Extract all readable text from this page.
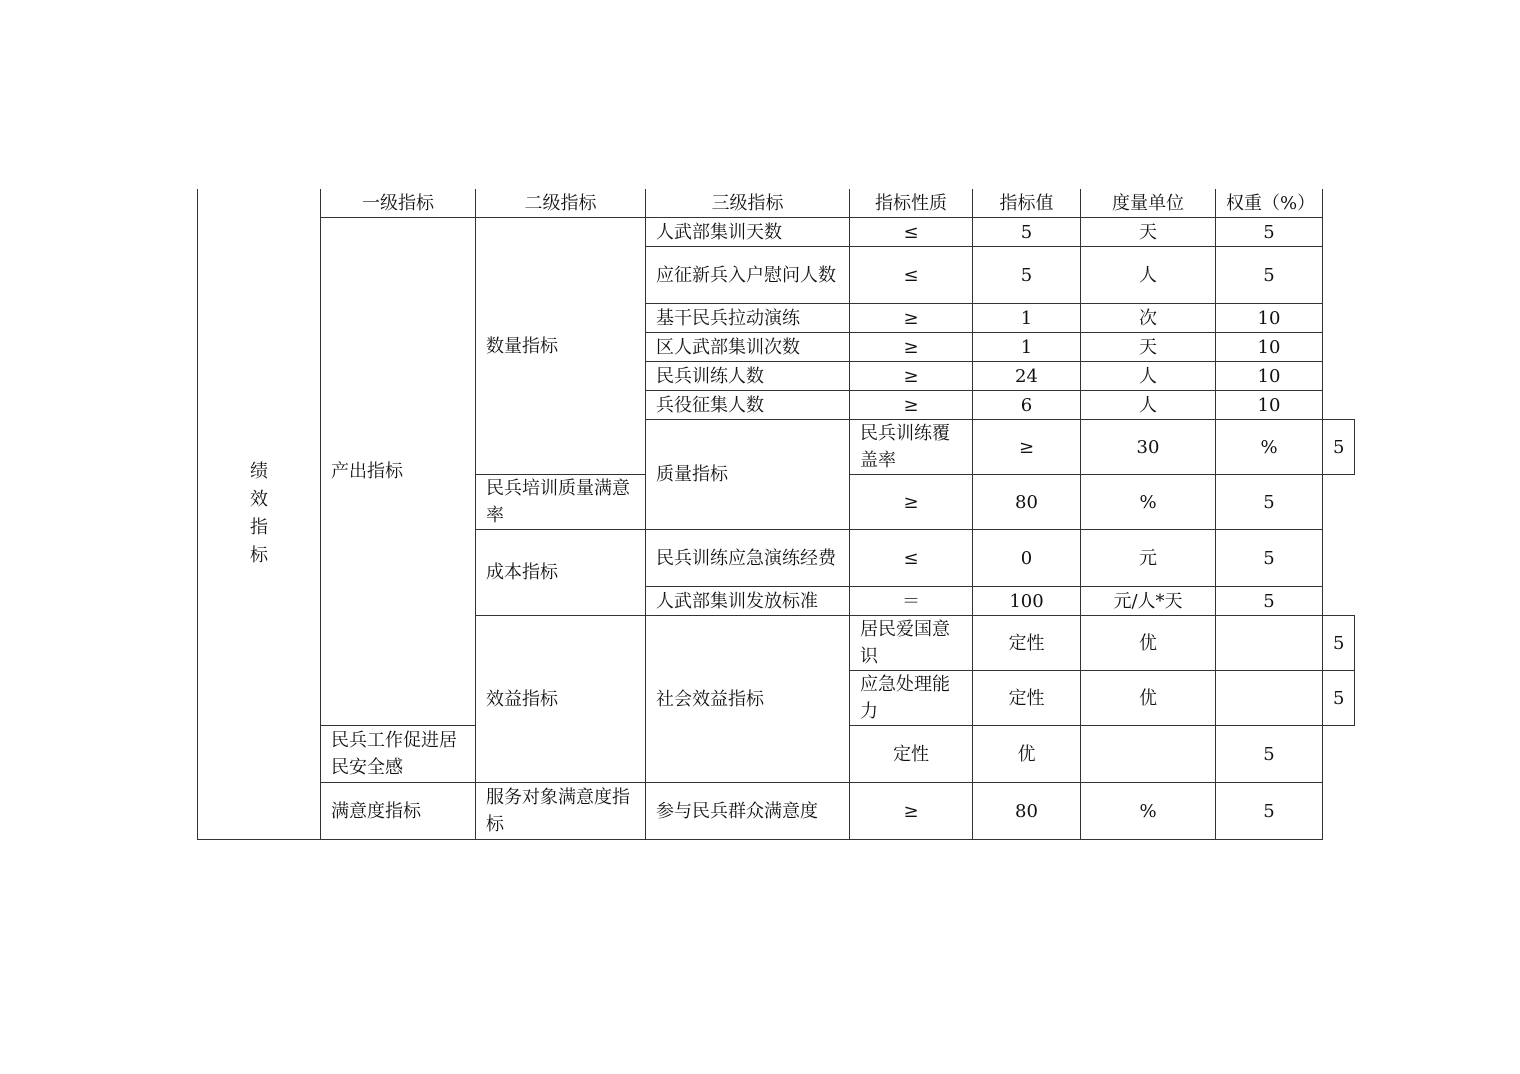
绩
效
指
标	一级指标	二级指标	三级指标	指标性质	指标值	度量单位	权重（%）	
	产出指标	数量指标	人武部集训天数	≤	5	天	5	
			应征新兵入户慰问人数	≤	5	人	5	
			基干民兵拉动演练	≥	1	次	10	
			区人武部集训次数	≥	1	天	10	
			民兵训练人数	≥	24	人	10	
			兵役征集人数	≥	6	人	10	
			质量指标	民兵训练覆盖率	≥	30	%	5
		民兵培训质量满意率		≥	80	%	5	
		成本指标	民兵训练应急演练经费	≤	0	元	5	
			人武部集训发放标准	＝	100	元/人*天	5	
		效益指标	社会效益指标	居民爱国意识	定性	优		5
				应急处理能力	定性	优		5
	民兵工作促进居民安全感			定性	优		5	
	满意度指标	服务对象满意度指标	参与民兵群众满意度	≥	80	%	5	
